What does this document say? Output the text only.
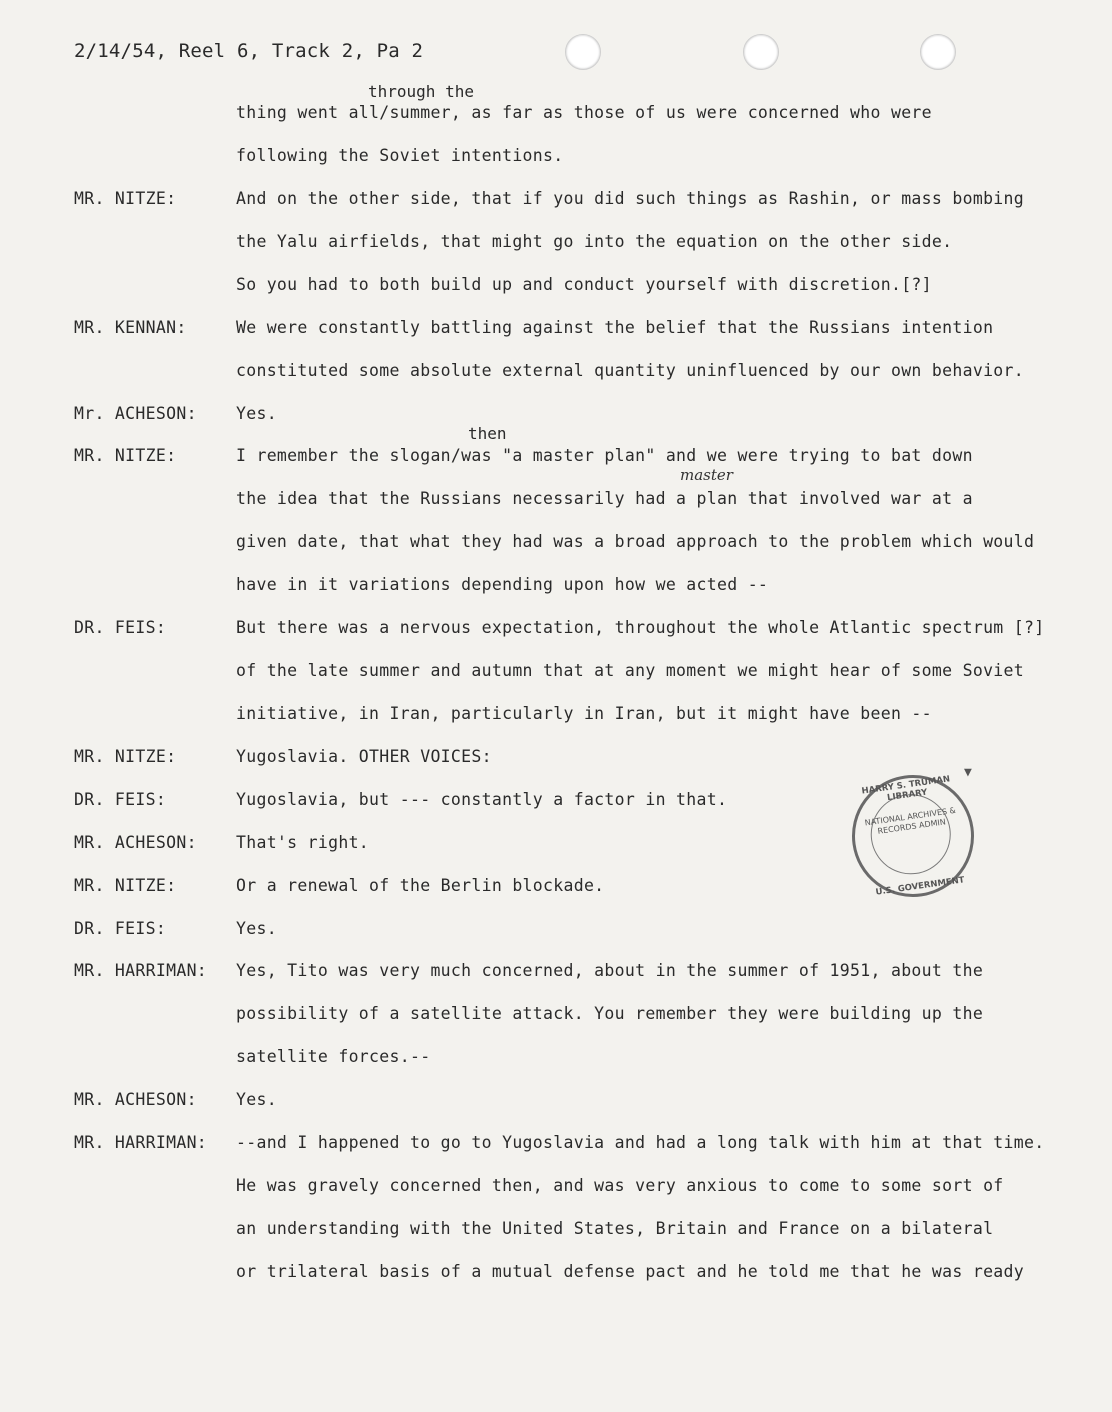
2/14/54, Reel 6, Track 2, Pa 2
through the
then
master
thing went all/summer, as far as those of us were concerned who were
following the Soviet intentions.
MR. NITZE:	And on the other side, that if you did such things as Rashin, or mass bombing
the Yalu airfields, that might go into the equation on the other side.
So you had to both build up and conduct yourself with discretion.[?]
MR. KENNAN:	We were constantly battling against the belief that the Russians intention
constituted some absolute external quantity uninfluenced by our own behavior.
Mr. ACHESON: Yes.
MR. NITZE:	I remember the slogan/was "a master plan" and we were trying to bat down
the idea that the Russians necessarily had a plan that involved war at a
given date, that what they had was a broad approach to the problem which would
have in it variations depending upon how we acted --
DR. FEIS:	But there was a nervous expectation, throughout the whole Atlantic spectrum [?]
of the late summer and autumn that at any moment we might hear of some Soviet
initiative, in Iran, particularly in Iran, but it might have been --
MR. NITZE:	Yugoslavia. OTHER VOICES:
DR. FEIS:	Yugoslavia, but --- constantly a factor in that.
MR. ACHESON: That's right.
MR. NITZE:	Or a renewal of the Berlin blockade.
DR. FEIS:	Yes.
MR. HARRIMAN: Yes, Tito was very much concerned, about in the summer of 1951, about the
possibility of a satellite attack. You remember they were building up the
satellite forces.--
MR. ACHESON: Yes.
MR. HARRIMAN: --and I happened to go to Yugoslavia and had a long talk with him at that time.
He was gravely concerned then, and was very anxious to come to some sort of
an understanding with the United States, Britain and France on a bilateral
or trilateral basis of a mutual defense pact and he told me that he was ready
HARRY S. TRUMAN LIBRARY
NATIONAL ARCHIVES & RECORDS ADMIN
U.S. GOVERNMENT
▼
